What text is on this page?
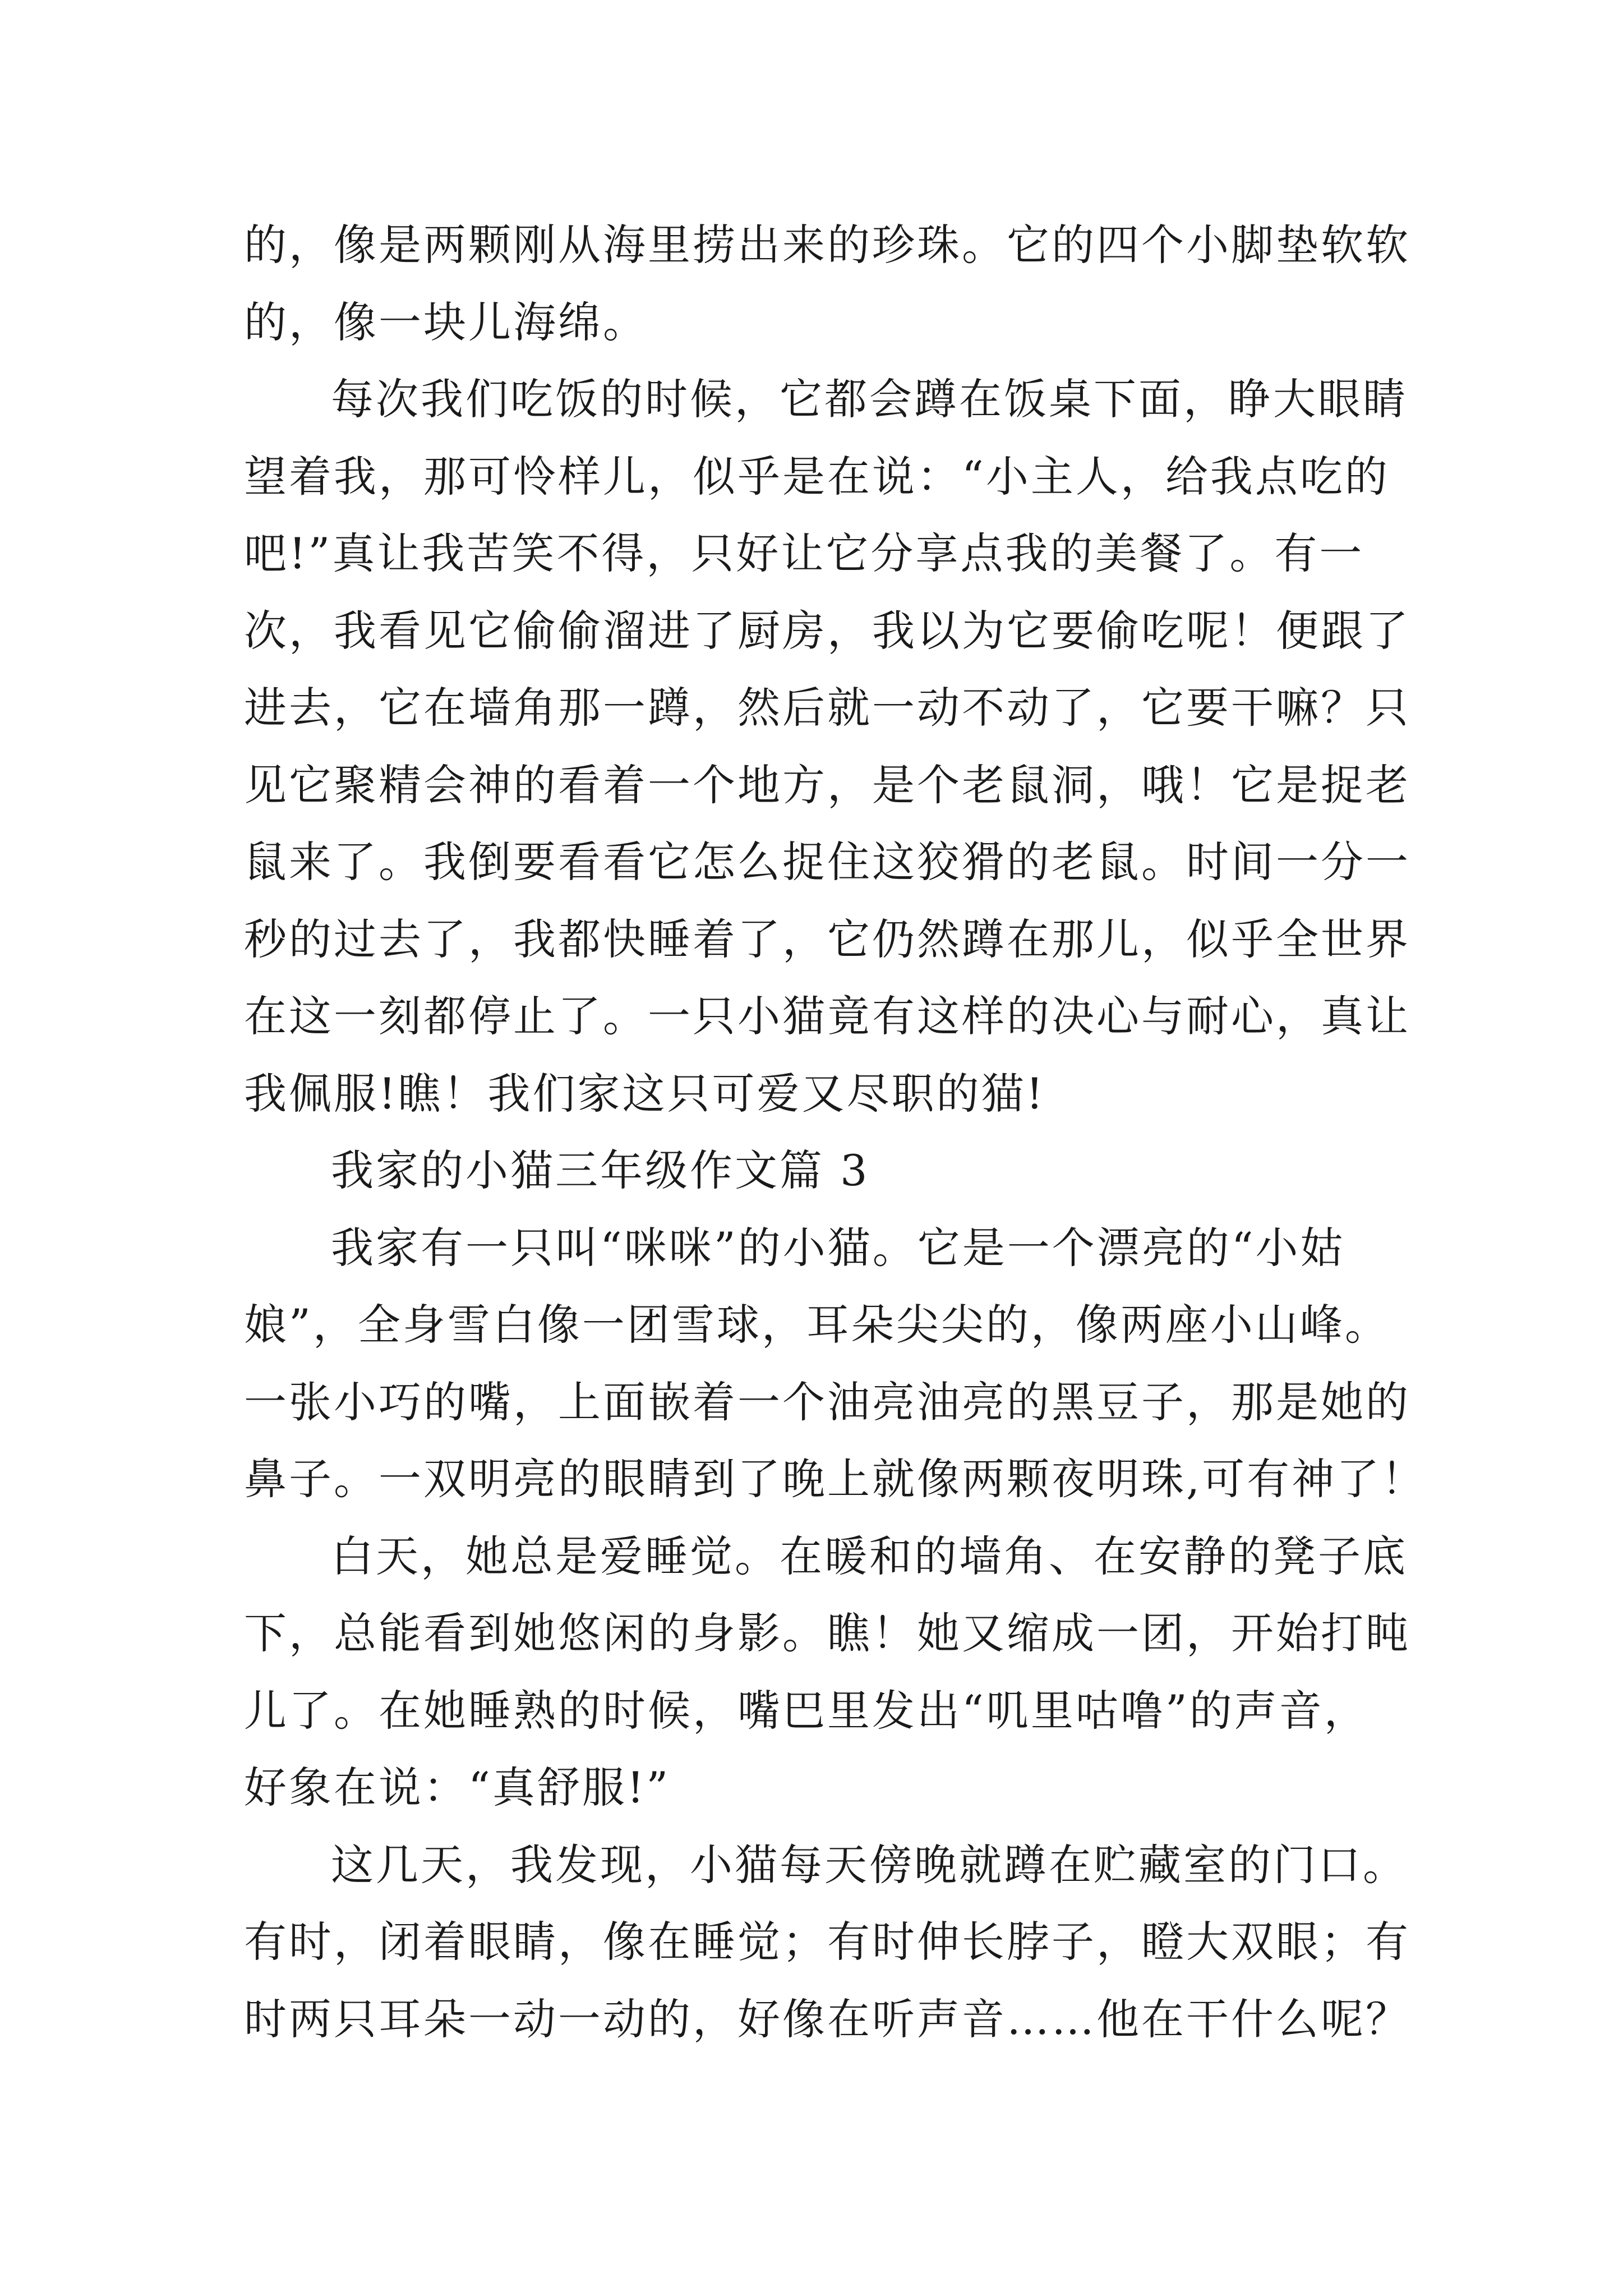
的，像是两颗刚从海里捞出来的珍珠。它的四个小脚垫软软
的，像一块儿海绵。
每次我们吃饭的时候，它都会蹲在饭桌下面，睁大眼睛
望着我，那可怜样儿，似乎是在说：“小主人，给我点吃的
吧!”真让我苦笑不得，只好让它分享点我的美餐了。有一
次，我看见它偷偷溜进了厨房，我以为它要偷吃呢！便跟了
进去，它在墙角那一蹲，然后就一动不动了，它要干嘛？只
见它聚精会神的看着一个地方，是个老鼠洞，哦！它是捉老
鼠来了。我倒要看看它怎么捉住这狡猾的老鼠。时间一分一
秒的过去了，我都快睡着了，它仍然蹲在那儿，似乎全世界
在这一刻都停止了。一只小猫竟有这样的决心与耐心，真让
我佩服!瞧！我们家这只可爱又尽职的猫!
我家的小猫三年级作文篇 3
我家有一只叫“咪咪”的小猫。它是一个漂亮的“小姑
娘”，全身雪白像一团雪球，耳朵尖尖的，像两座小山峰。
一张小巧的嘴，上面嵌着一个油亮油亮的黑豆子，那是她的
鼻子。一双明亮的眼睛到了晚上就像两颗夜明珠,可有神了！
白天，她总是爱睡觉。在暖和的墙角、在安静的凳子底
下，总能看到她悠闲的身影。瞧！她又缩成一团，开始打盹
儿了。在她睡熟的时候，嘴巴里发出“叽里咕噜”的声音，
好象在说：“真舒服!”
这几天，我发现，小猫每天傍晚就蹲在贮藏室的门口。
有时，闭着眼睛，像在睡觉；有时伸长脖子，瞪大双眼；有
时两只耳朵一动一动的，好像在听声音……他在干什么呢？
